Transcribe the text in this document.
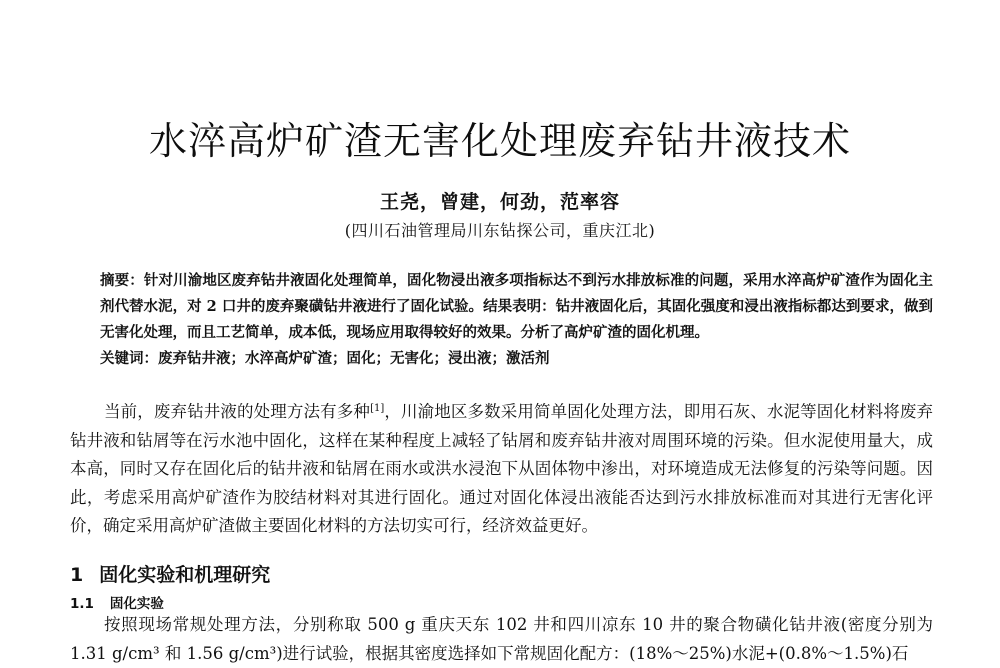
水淬高炉矿渣无害化处理废弃钻井液技术
王尧，曾建，何劲，范率容
(四川石油管理局川东钻探公司，重庆江北)
摘要：针对川渝地区废弃钻井液固化处理简单，固化物浸出液多项指标达不到污水排放标准的问题，采用水淬高炉矿渣作为固化主剂代替水泥，对 2 口井的废弃聚磺钻井液进行了固化试验。结果表明：钻井液固化后，其固化强度和浸出液指标都达到要求，做到无害化处理，而且工艺简单，成本低，现场应用取得较好的效果。分析了高炉矿渣的固化机理。
关键词：废弃钻井液；水淬高炉矿渣；固化；无害化；浸出液；激活剂
当前，废弃钻井液的处理方法有多种[1]，川渝地区多数采用简单固化处理方法，即用石灰、水泥等固化材料将废弃钻井液和钻屑等在污水池中固化，这样在某种程度上减轻了钻屑和废弃钻井液对周围环境的污染。但水泥使用量大，成本高，同时又存在固化后的钻井液和钻屑在雨水或洪水浸泡下从固体物中渗出，对环境造成无法修复的污染等问题。因此，考虑采用高炉矿渣作为胶结材料对其进行固化。通过对固化体浸出液能否达到污水排放标准而对其进行无害化评价，确定采用高炉矿渣做主要固化材料的方法切实可行，经济效益更好。
1 固化实验和机理研究
1.1 固化实验
按照现场常规处理方法，分别称取 500 g 重庆天东 102 井和四川凉东 10 井的聚合物磺化钻井液(密度分别为 1.31 g/cm³ 和 1.56 g/cm³)进行试验，根据其密度选择如下常规固化配方：(18%～25%)水泥+(0.8%～1.5%)石
